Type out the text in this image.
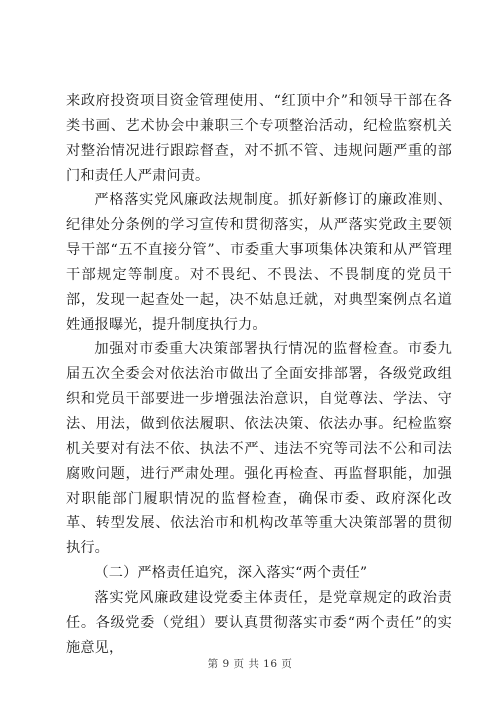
来政府投资项目资金管理使用、“红顶中介”和领导干部在各类书画、艺术协会中兼职三个专项整治活动，纪检监察机关对整治情况进行跟踪督查，对不抓不管、违规问题严重的部门和责任人严肃问责。

严格落实党风廉政法规制度。抓好新修订的廉政准则、纪律处分条例的学习宣传和贯彻落实，从严落实党政主要领导干部“五不直接分管”、市委重大事项集体决策和从严管理干部规定等制度。对不畏纪、不畏法、不畏制度的党员干部，发现一起查处一起，决不姑息迁就，对典型案例点名道姓通报曝光，提升制度执行力。

加强对市委重大决策部署执行情况的监督检查。市委九届五次全委会对依法治市做出了全面安排部署，各级党政组织和党员干部要进一步增强法治意识，自觉尊法、学法、守法、用法，做到依法履职、依法决策、依法办事。纪检监察机关要对有法不依、执法不严、违法不究等司法不公和司法腐败问题，进行严肃处理。强化再检查、再监督职能，加强对职能部门履职情况的监督检查，确保市委、政府深化改革、转型发展、依法治市和机构改革等重大决策部署的贯彻执行。

（二）严格责任追究，深入落实“两个责任”

落实党风廉政建设党委主体责任，是党章规定的政治责任。各级党委（党组）要认真贯彻落实市委“两个责任”的实施意见，

第 9 页 共 16 页
